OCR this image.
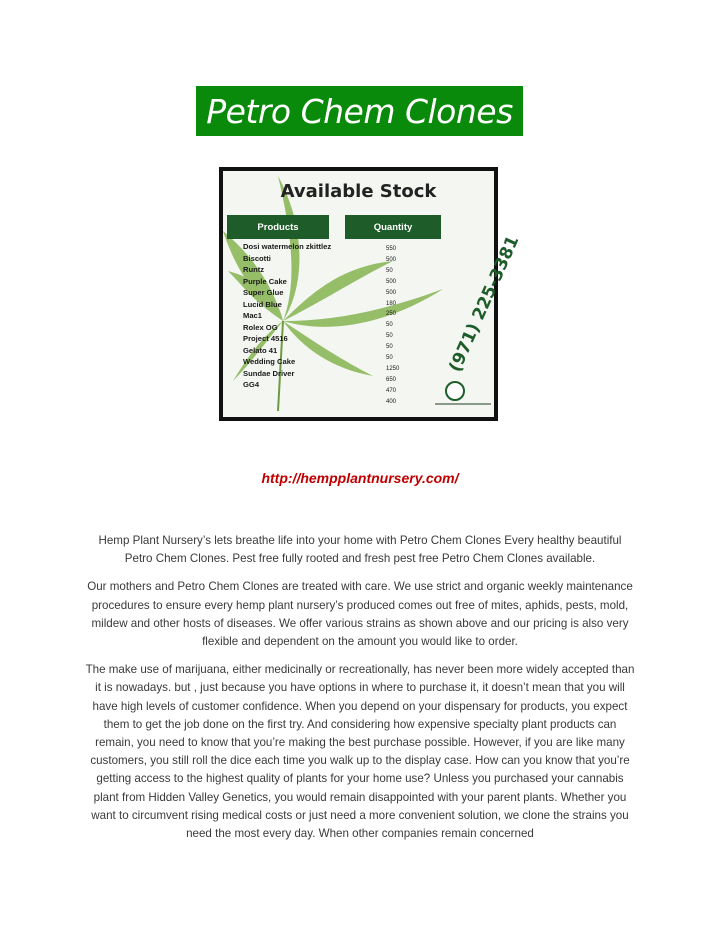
Petro Chem Clones
Available Stock
Products	Quantity
Dosi watermelon zkittlez
Biscotti
Runtz
Purple Cake
Super Glue
Lucid Blue
Mac1
Rolex OG
Project 4516
Gelato 41
Wedding Cake
Sundae Driver
GG4
550
500
50
500
500
180
250
50
50
50
50
1250
650
470
400
(971) 225-3381
http://hempplantnursery.com/

Hemp Plant Nursery’s lets breathe life into your home with Petro Chem Clones Every healthy beautiful Petro Chem Clones. Pest free fully rooted and fresh pest free Petro Chem Clones available.

Our mothers and Petro Chem Clones are treated with care. We use strict and organic weekly maintenance procedures to ensure every hemp plant nursery’s produced comes out free of mites, aphids, pests, mold, mildew and other hosts of diseases. We offer various strains as shown above and our pricing is also very flexible and dependent on the amount you would like to order.

The make use of marijuana, either medicinally or recreationally, has never been more widely accepted than it is nowadays. but , just because you have options in where to purchase it, it doesn’t mean that you will have high levels of customer confidence. When you depend on your dispensary for products, you expect them to get the job done on the first try. And considering how expensive specialty plant products can remain, you need to know that you’re making the best purchase possible. However, if you are like many customers, you still roll the dice each time you walk up to the display case. How can you know that you’re getting access to the highest quality of plants for your home use? Unless you purchased your cannabis plant from Hidden Valley Genetics, you would remain disappointed with your parent plants. Whether you want to circumvent rising medical costs or just need a more convenient solution, we clone the strains you need the most every day. When other companies remain concerned
